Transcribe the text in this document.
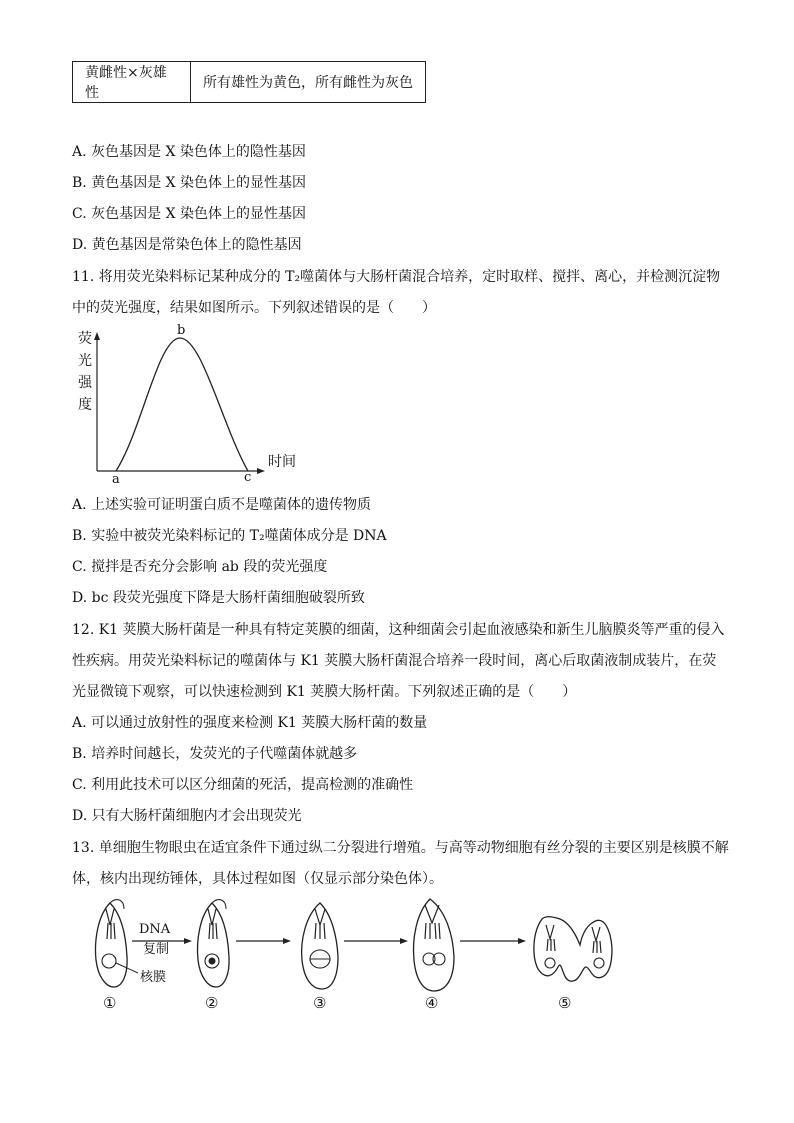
黄雌性×灰雄性	所有雄性为黄色，所有雌性为灰色
A. 灰色基因是 X 染色体上的隐性基因
B. 黄色基因是 X 染色体上的显性基因
C. 灰色基因是 X 染色体上的显性基因
D. 黄色基因是常染色体上的隐性基因
11. 将用荧光染料标记某种成分的 T₂噬菌体与大肠杆菌混合培养，定时取样、搅拌、离心，并检测沉淀物
中的荧光强度，结果如图所示。下列叙述错误的是（　　）
荧
光
强
度
a
b
c
时间
A. 上述实验可证明蛋白质不是噬菌体的遗传物质
B. 实验中被荧光染料标记的 T₂噬菌体成分是 DNA
C. 搅拌是否充分会影响 ab 段的荧光强度
D. bc 段荧光强度下降是大肠杆菌细胞破裂所致
12. K1 荚膜大肠杆菌是一种具有特定荚膜的细菌，这种细菌会引起血液感染和新生儿脑膜炎等严重的侵入
性疾病。用荧光染料标记的噬菌体与 K1 荚膜大肠杆菌混合培养一段时间，离心后取菌液制成装片，在荧
光显微镜下观察，可以快速检测到 K1 荚膜大肠杆菌。下列叙述正确的是（　　）
A. 可以通过放射性的强度来检测 K1 荚膜大肠杆菌的数量
B. 培养时间越长，发荧光的子代噬菌体就越多
C. 利用此技术可以区分细菌的死活，提高检测的准确性
D. 只有大肠杆菌细胞内才会出现荧光
13. 单细胞生物眼虫在适宜条件下通过纵二分裂进行增殖。与高等动物细胞有丝分裂的主要区别是核膜不解
体，核内出现纺锤体，具体过程如图（仅显示部分染色体）。
DNA
复制
核膜
①	②	③	④	⑤
